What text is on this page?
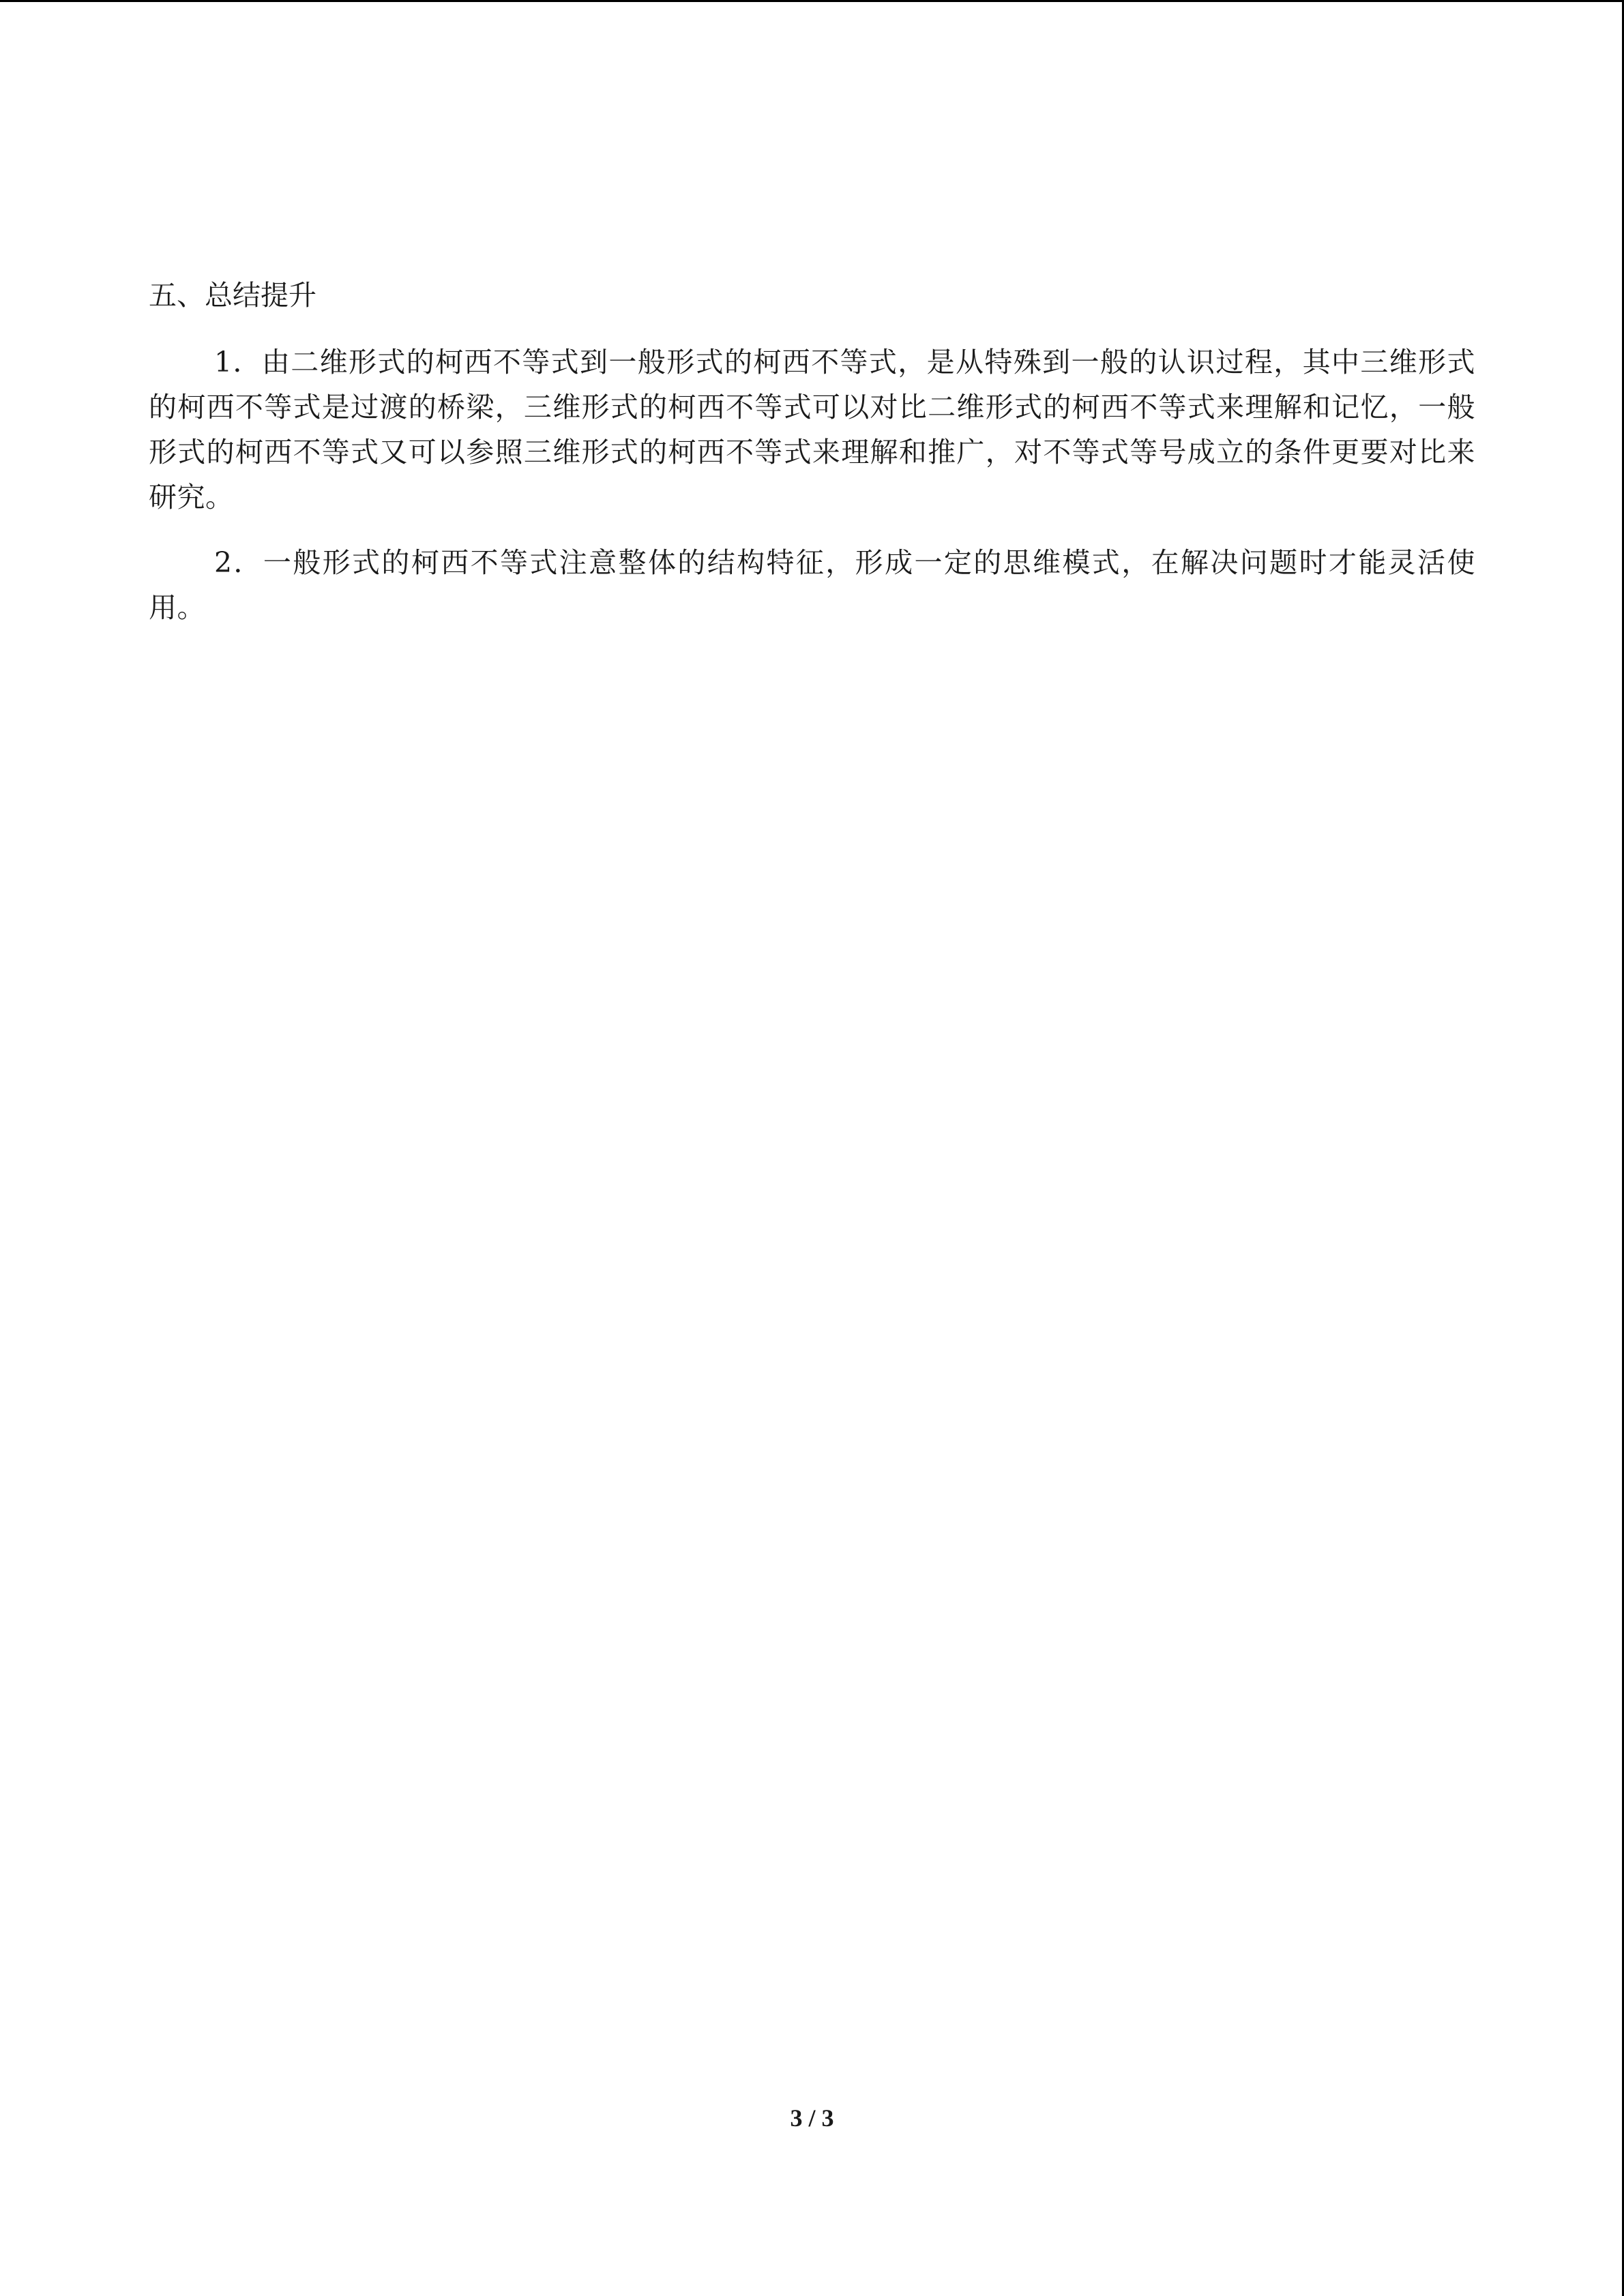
五、总结提升

1．由二维形式的柯西不等式到一般形式的柯西不等式，是从特殊到一般的认识过程，其中三维形式的柯西不等式是过渡的桥梁，三维形式的柯西不等式可以对比二维形式的柯西不等式来理解和记忆，一般形式的柯西不等式又可以参照三维形式的柯西不等式来理解和推广，对不等式等号成立的条件更要对比来研究。

2．一般形式的柯西不等式注意整体的结构特征，形成一定的思维模式，在解决问题时才能灵活使用。

3 / 3
